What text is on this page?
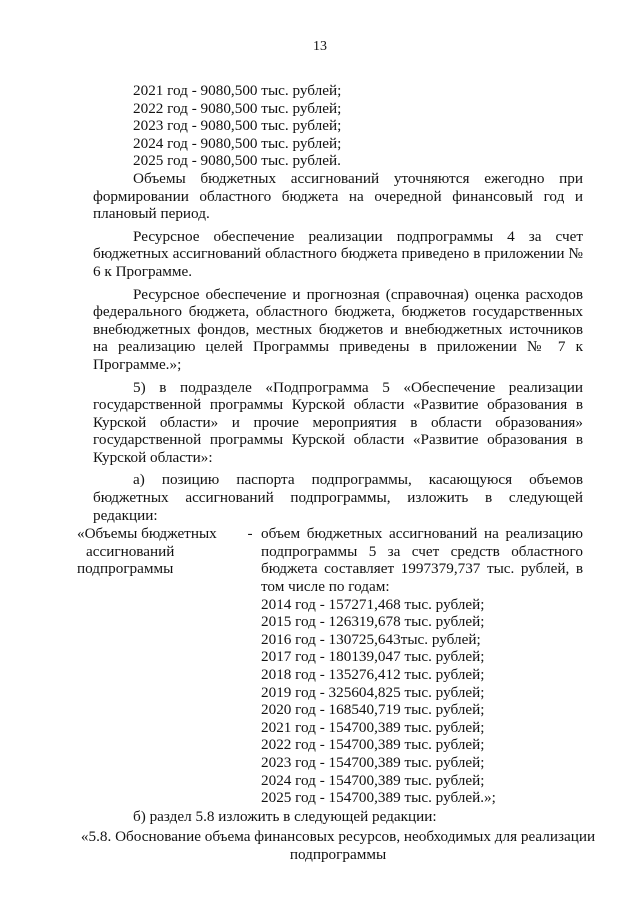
13
2021 год - 9080,500 тыс. рублей;
2022 год - 9080,500 тыс. рублей;
2023 год - 9080,500 тыс. рублей;
2024 год - 9080,500 тыс. рублей;
2025 год - 9080,500 тыс. рублей.

Объемы бюджетных ассигнований уточняются ежегодно при формировании областного бюджета на очередной финансовый год и плановый период.

Ресурсное обеспечение реализации подпрограммы 4 за счет бюджетных ассигнований областного бюджета приведено в приложении № 6 к Программе.

Ресурсное обеспечение и прогнозная (справочная) оценка расходов федерального бюджета, областного бюджета, бюджетов государственных внебюджетных фондов, местных бюджетов и внебюджетных источников на реализацию целей Программы приведены в приложении № 7 к Программе.»;

5) в подразделе «Подпрограмма 5 «Обеспечение реализации государственной программы Курской области «Развитие образования в Курской области» и прочие мероприятия в области образования» государственной программы Курской области «Развитие образования в Курской области»:

а) позицию паспорта подпрограммы, касающуюся объемов бюджетных ассигнований подпрограммы, изложить в следующей редакции:

«Объемы бюджетных
ассигнований
подпрограммы
- объем бюджетных ассигнований на реализацию подпрограммы 5 за счет средств областного бюджета составляет 1997379,737 тыс. рублей, в том числе по годам:
2014 год - 157271,468 тыс. рублей;
2015 год - 126319,678 тыс. рублей;
2016 год - 130725,643тыс. рублей;
2017 год - 180139,047 тыс. рублей;
2018 год - 135276,412 тыс. рублей;
2019 год - 325604,825 тыс. рублей;
2020 год - 168540,719 тыс. рублей;
2021 год - 154700,389 тыс. рублей;
2022 год - 154700,389 тыс. рублей;
2023 год - 154700,389 тыс. рублей;
2024 год - 154700,389 тыс. рублей;
2025 год - 154700,389 тыс. рублей.»;
б) раздел 5.8 изложить в следующей редакции:
«5.8. Обоснование объема финансовых ресурсов, необходимых для реализации подпрограммы
